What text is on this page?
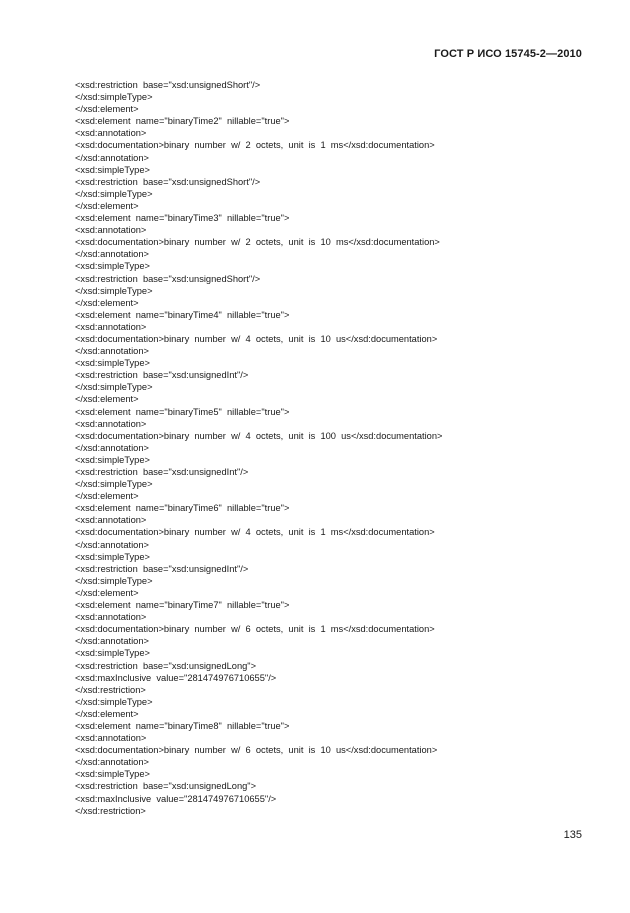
ГОСТ Р ИСО 15745-2—2010
<xsd:restriction  base="xsd:unsignedShort"/>
</xsd:simpleType>
</xsd:element>
<xsd:element  name="binaryTime2"  nillable="true">
<xsd:annotation>
<xsd:documentation>binary  number  w/  2  octets,  unit  is  1  ms</xsd:documentation>
</xsd:annotation>
<xsd:simpleType>
<xsd:restriction  base="xsd:unsignedShort"/>
</xsd:simpleType>
</xsd:element>
<xsd:element  name="binaryTime3"  nillable="true">
<xsd:annotation>
<xsd:documentation>binary  number  w/  2  octets,  unit  is  10  ms</xsd:documentation>
</xsd:annotation>
<xsd:simpleType>
<xsd:restriction  base="xsd:unsignedShort"/>
</xsd:simpleType>
</xsd:element>
<xsd:element  name="binaryTime4"  nillable="true">
<xsd:annotation>
<xsd:documentation>binary  number  w/  4  octets,  unit  is  10  us</xsd:documentation>
</xsd:annotation>
<xsd:simpleType>
<xsd:restriction  base="xsd:unsignedInt"/>
</xsd:simpleType>
</xsd:element>
<xsd:element  name="binaryTime5"  nillable="true">
<xsd:annotation>
<xsd:documentation>binary  number  w/  4  octets,  unit  is  100  us</xsd:documentation>
</xsd:annotation>
<xsd:simpleType>
<xsd:restriction  base="xsd:unsignedInt"/>
</xsd:simpleType>
</xsd:element>
<xsd:element  name="binaryTime6"  nillable="true">
<xsd:annotation>
<xsd:documentation>binary  number  w/  4  octets,  unit  is  1  ms</xsd:documentation>
</xsd:annotation>
<xsd:simpleType>
<xsd:restriction  base="xsd:unsignedInt"/>
</xsd:simpleType>
</xsd:element>
<xsd:element  name="binaryTime7"  nillable="true">
<xsd:annotation>
<xsd:documentation>binary  number  w/  6  octets,  unit  is  1  ms</xsd:documentation>
</xsd:annotation>
<xsd:simpleType>
<xsd:restriction  base="xsd:unsignedLong">
<xsd:maxInclusive  value="281474976710655"/>
</xsd:restriction>
</xsd:simpleType>
</xsd:element>
<xsd:element  name="binaryTime8"  nillable="true">
<xsd:annotation>
<xsd:documentation>binary  number  w/  6  octets,  unit  is  10  us</xsd:documentation>
</xsd:annotation>
<xsd:simpleType>
<xsd:restriction  base="xsd:unsignedLong">
<xsd:maxInclusive  value="281474976710655"/>
</xsd:restriction>
135
